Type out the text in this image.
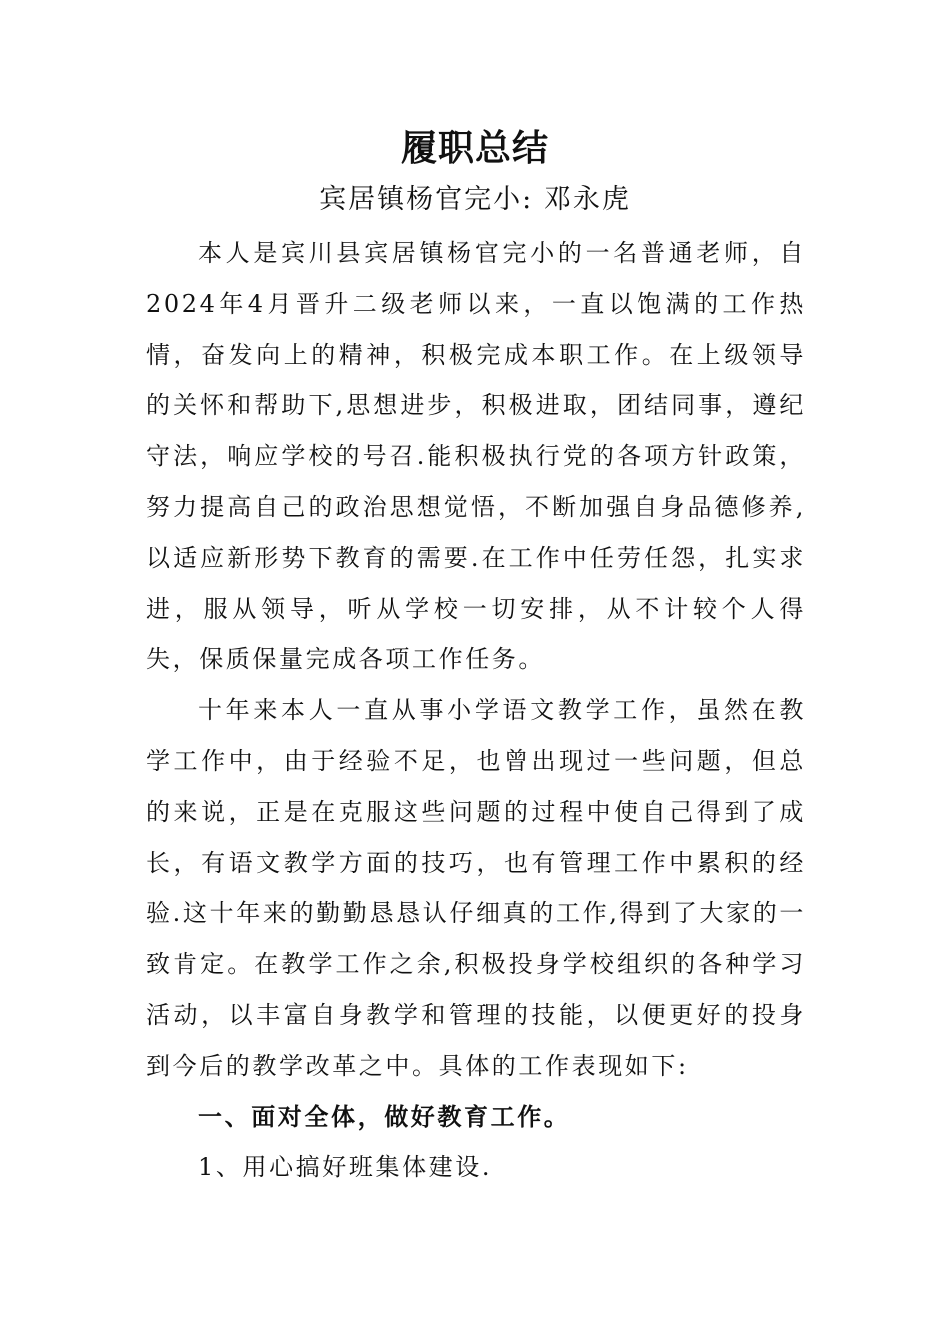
履职总结
宾居镇杨官完小: 邓永虎

本人是宾川县宾居镇杨官完小的一名普通老师，自2024年4月晋升二级老师以来，一直以饱满的工作热情，奋发向上的精神，积极完成本职工作。在上级领导的关怀和帮助下,思想进步，积极进取，团结同事，遵纪守法，响应学校的号召.能积极执行党的各项方针政策，努力提高自己的政治思想觉悟，不断加强自身品德修养,以适应新形势下教育的需要.在工作中任劳任怨，扎实求进，服从领导，听从学校一切安排，从不计较个人得失，保质保量完成各项工作任务。

十年来本人一直从事小学语文教学工作，虽然在教学工作中，由于经验不足，也曾出现过一些问题，但总的来说，正是在克服这些问题的过程中使自己得到了成长，有语文教学方面的技巧，也有管理工作中累积的经验.这十年来的勤勤恳恳认仔细真的工作,得到了大家的一致肯定。在教学工作之余,积极投身学校组织的各种学习活动，以丰富自身教学和管理的技能，以便更好的投身到今后的教学改革之中。具体的工作表现如下:

一、面对全体，做好教育工作。

1、用心搞好班集体建设.
